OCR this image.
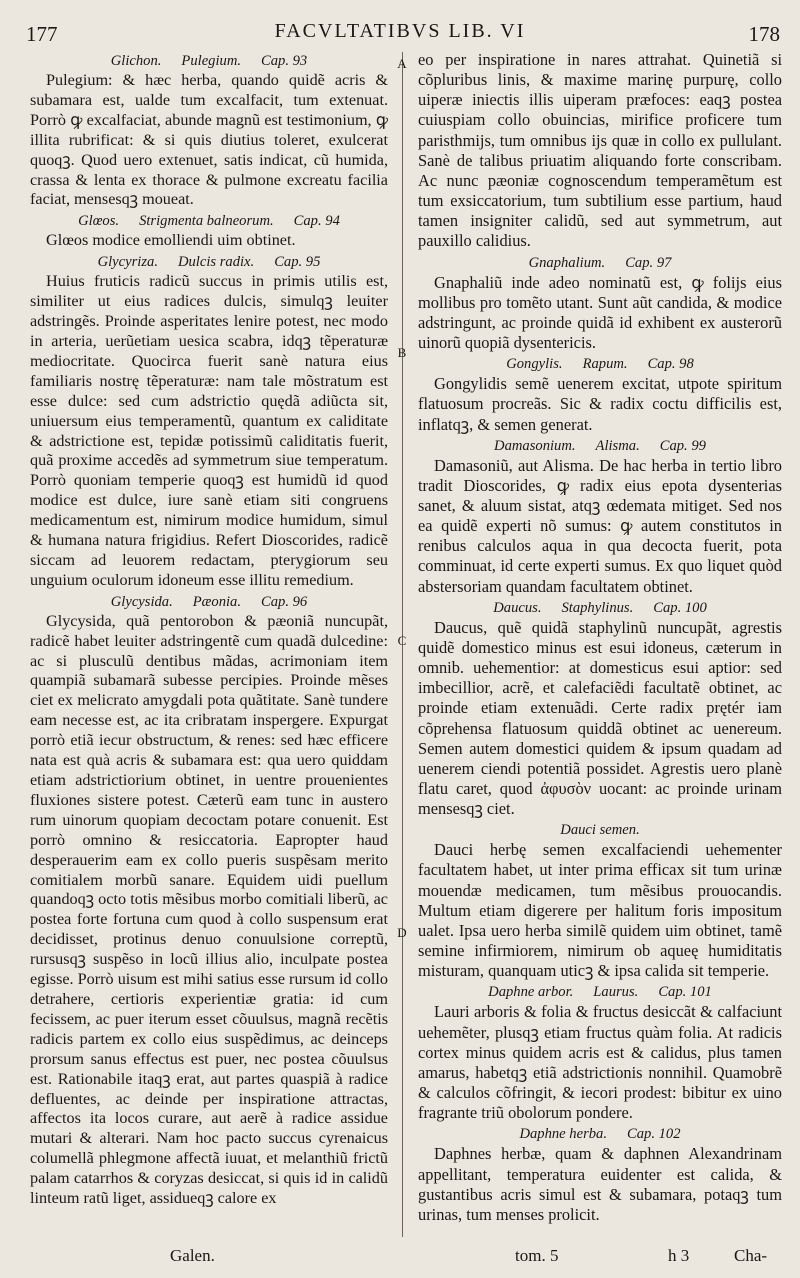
177	FACVLTATIBVS LIB. VI	178
A
B
C
D
Glichon. Pulegium. Cap. 93

Pulegium: & hæc herba, quando quidẽ acris & subamara est, ualde tum excalfacit, tum extenuat. Porrò ꝙ excalfaciat, abunde magnũ est testimonium, ꝙ illita rubrificat: & si quis diutius toleret, exulcerat quoqꝫ. Quod uero extenuet, satis indicat, cũ humida, crassa & lenta ex thorace & pulmone excreatu facilia faciat, mensesqꝫ moueat.

Glœos. Strigmenta balneorum. Cap. 94

Glœos modice emolliendi uim obtinet.

Glycyriza. Dulcis radix. Cap. 95

Huius fruticis radicũ succus in primis utilis est, similiter ut eius radices dulcis, simulqꝫ leuiter adstringẽs. Proinde asperitates lenire potest, nec modo in arteria, uerũetiam uesica scabra, idqꝫ tẽperaturæ mediocritate. Quocirca fuerit sanè natura eius familiaris nostrę tẽperaturæ: nam tale mõstratum est esse dulce: sed cum adstrictio quędã adiũcta sit, uniuersum eius temperamentũ, quantum ex caliditate & adstrictione est, tepidæ potissimũ caliditatis fuerit, quã proxime accedẽs ad symmetrum siue temperatum. Porrò quoniam temperie quoqꝫ est humidũ id quod modice est dulce, iure sanè etiam siti congruens medicamentum est, nimirum modice humidum, simul & humana natura frigidius. Refert Dioscorides, radicẽ siccam ad leuorem redactam, pterygiorum seu unguium oculorum idoneum esse illitu remedium.

Glycysida. Pæonia. Cap. 96

Glycysida, quã pentorobon & pæoniã nuncupãt, radicẽ habet leuiter adstringentẽ cum quadã dulcedine: ac si plusculũ dentibus mãdas, acrimoniam item quampiã subamarã subesse percipies. Proinde mẽses ciet ex melicrato amygdali pota quãtitate. Sanè tundere eam necesse est, ac ita cribratam inspergere. Expurgat porrò etiã iecur obstructum, & renes: sed hæc efficere nata est quà acris & subamara est: qua uero quiddam etiam adstrictiorium obtinet, in uentre prouenientes fluxiones sistere potest. Cæterũ eam tunc in austero rum uinorum quopiam decoctam potare conuenit. Est porrò omnino & resiccatoria. Eapropter haud desperauerim eam ex collo pueris suspẽsam merito comitialem morbũ sanare. Equidem uidi puellum quandoqꝫ octo totis mẽsibus morbo comitiali liberũ, ac postea forte fortuna cum quod à collo suspensum erat decidisset, protinus denuo conuulsione correptũ, rursusqꝫ suspẽso in locũ illius alio, inculpate postea egisse. Porrò uisum est mihi satius esse rursum id collo detrahere, certioris experientiæ gratia: id cum fecissem, ac puer iterum esset cõuulsus, magnã recẽtis radicis partem ex collo eius suspẽdimus, ac deinceps prorsum sanus effectus est puer, nec postea cõuulsus est. Rationabile itaqꝫ erat, aut partes quaspiã à radice defluentes, ac deinde per inspiratione attractas, affectos ita locos curare, aut aerẽ à radice assidue mutari & alterari. Nam hoc pacto succus cyrenaicus columellã phlegmone affectã iuuat, et melanthiũ frictũ palam catarrhos & coryzas desiccat, si quis id in calidũ linteum ratũ liget, assidueqꝫ calore ex

eo per inspiratione in nares attrahat. Quinetiã si cõpluribus linis, & maxime marinę purpurę, collo uiperæ iniectis illis uiperam præfoces: eaqꝫ postea cuiuspiam collo obuincias, mirifice proficere tum paristhmijs, tum omnibus ijs quæ in collo ex pullulant. Sanè de talibus priuatim aliquando forte conscribam. Ac nunc pæoniæ cognoscendum temperamẽtum est tum exsiccatorium, tum subtilium esse partium, haud tamen insigniter calidũ, sed aut symmetrum, aut pauxillo calidius.

Gnaphalium. Cap. 97

Gnaphaliũ inde adeo nominatũ est, ꝙ folijs eius mollibus pro tomẽto utant. Sunt aũt candida, & modice adstringunt, ac proinde quidã id exhibent ex austerorũ uinorũ quopiã dysentericis.

Gongylis. Rapum. Cap. 98

Gongylidis semẽ uenerem excitat, utpote spiritum flatuosum procreãs. Sic & radix coctu difficilis est, inflatqꝫ, & semen generat.

Damasonium. Alisma. Cap. 99

Damasoniũ, aut Alisma. De hac herba in tertio libro tradit Dioscorides, ꝙ radix eius epota dysenterias sanet, & aluum sistat, atqꝫ œdemata mitiget. Sed nos ea quidẽ experti nõ sumus: ꝙ autem constitutos in renibus calculos aqua in qua decocta fuerit, pota comminuat, id certe experti sumus. Ex quo liquet quòd abstersoriam quandam facultatem obtinet.

Daucus. Staphylinus. Cap. 100

Daucus, quẽ quidã staphylinũ nuncupãt, agrestis quidẽ domestico minus est esui idoneus, cæterum in omnib. uehementior: at domesticus esui aptior: sed imbecillior, acrẽ, et calefaciẽdi facultatẽ obtinet, ac proinde etiam extenuãdi. Certe radix prętér iam cõprehensa flatuosum quiddã obtinet ac uenereum. Semen autem domestici quidem & ipsum quadam ad uenerem ciendi potentiã possidet. Agrestis uero planè flatu caret, quod ἀφυσὸν uocant: ac proinde urinam mensesqꝫ ciet.

Dauci semen.

Dauci herbę semen excalfaciendi uehementer facultatem habet, ut inter prima efficax sit tum urinæ mouendæ medicamen, tum mẽsibus prouocandis. Multum etiam digerere per halitum foris impositum ualet. Ipsa uero herba similẽ quidem uim obtinet, tamẽ semine infirmiorem, nimirum ob aqueę humiditatis misturam, quanquam uticꝫ & ipsa calida sit temperie.

Daphne arbor. Laurus. Cap. 101

Lauri arboris & folia & fructus desiccãt & calfaciunt uehemẽter, plusqꝫ etiam fructus quàm folia. At radicis cortex minus quidem acris est & calidus, plus tamen amarus, habetqꝫ etiã adstrictionis nonnihil. Quamobrẽ & calculos cõfringit, & iecori prodest: bibitur ex uino fragrante triũ obolorum pondere.

Daphne herba. Cap. 102

Daphnes herbæ, quam & daphnen Alexandrinam appellitant, temperatura euidenter est calida, & gustantibus acris simul est & subamara, potaqꝫ tum urinas, tum menses prolicit.

Galen.	tom. 5	h 3	Cha-
